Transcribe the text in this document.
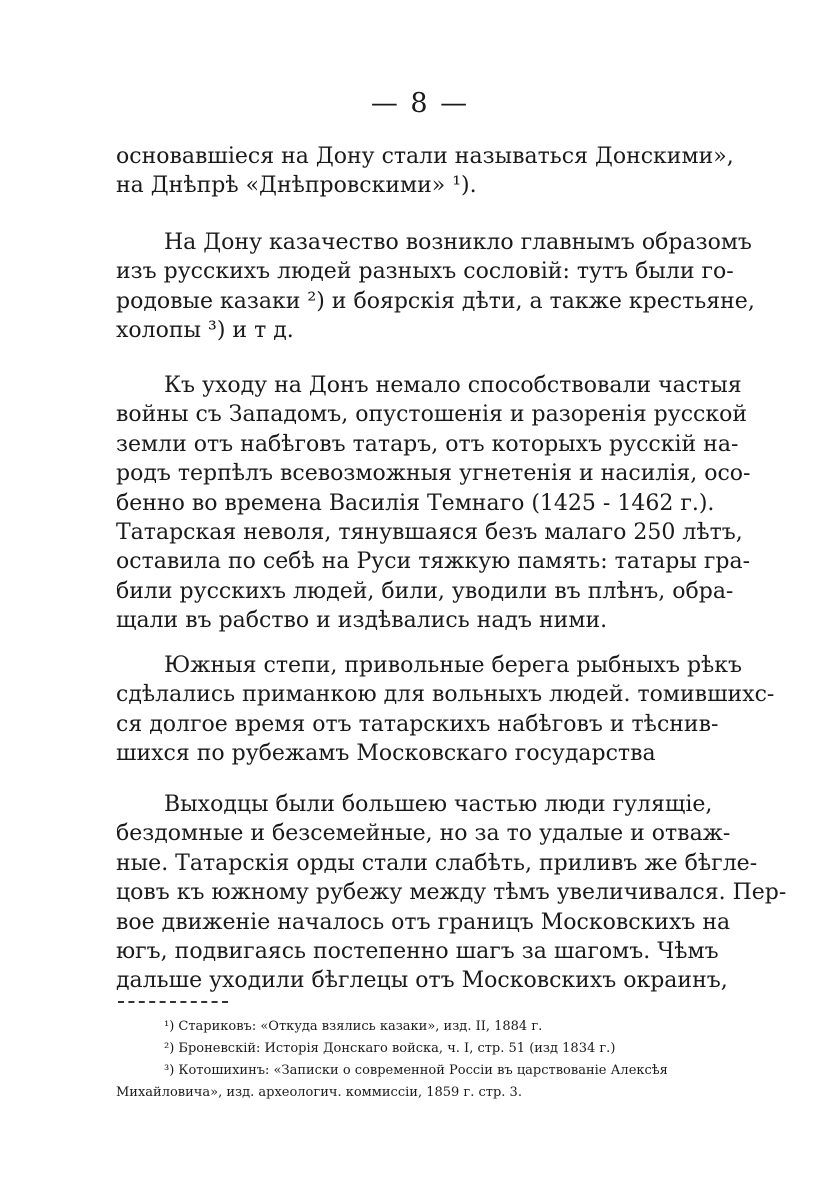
— 8 —
основавшіеся на Дону стали называться Донскими»,
на Днѣпрѣ «Днѣпровскими» ¹).
На Дону казачество возникло главнымъ образомъ
изъ русскихъ людей разныхъ сословій: тутъ были го-
родовые казаки ²) и боярскія дѣти, а также крестьяне,
холопы ³) и т д.
Къ уходу на Донъ немало способствовали частыя
войны съ Западомъ, опустошенія и разоренія русской
земли отъ набѣговъ татаръ, отъ которыхъ русскій на-
родъ терпѣлъ всевозможныя угнетенія и насилія, осо-
бенно во времена Василія Темнаго (1425 - 1462 г.).
Татарская неволя, тянувшаяся безъ малаго 250 лѣтъ,
оставила по себѣ на Руси тяжкую память: татары гра-
били русскихъ людей, били, уводили въ плѣнъ, обра-
щали въ рабство и издѣвались надъ ними.
Южныя степи, привольные берега рыбныхъ рѣкъ
сдѣлались приманкою для вольныхъ людей. томившихс-
ся долгое время отъ татарскихъ набѣговъ и тѣснив-
шихся по рубежамъ Московскаго государства
Выходцы были большею частью люди гулящіе,
бездомные и безсемейные, но за то удалые и отваж-
ные. Татарскія орды стали слабѣть, приливъ же бѣгле-
цовъ къ южному рубежу между тѣмъ увеличивался. Пер-
вое движеніе началось отъ границъ Московскихъ на
югъ, подвигаясь постепенно шагъ за шагомъ. Чѣмъ
дальше уходили бѣглецы отъ Московскихъ окраинъ,
¹) Стариковъ: «Откуда взялись казаки», изд. II, 1884 г.
²) Броневскій: Исторія Донскаго войска, ч. I, стр. 51 (изд 1834 г.)
³) Котошихинъ: «Записки о современной Россіи въ царствованіе Алексѣя
Михайловича», изд. археологич. коммиссіи, 1859 г. стр. 3.
